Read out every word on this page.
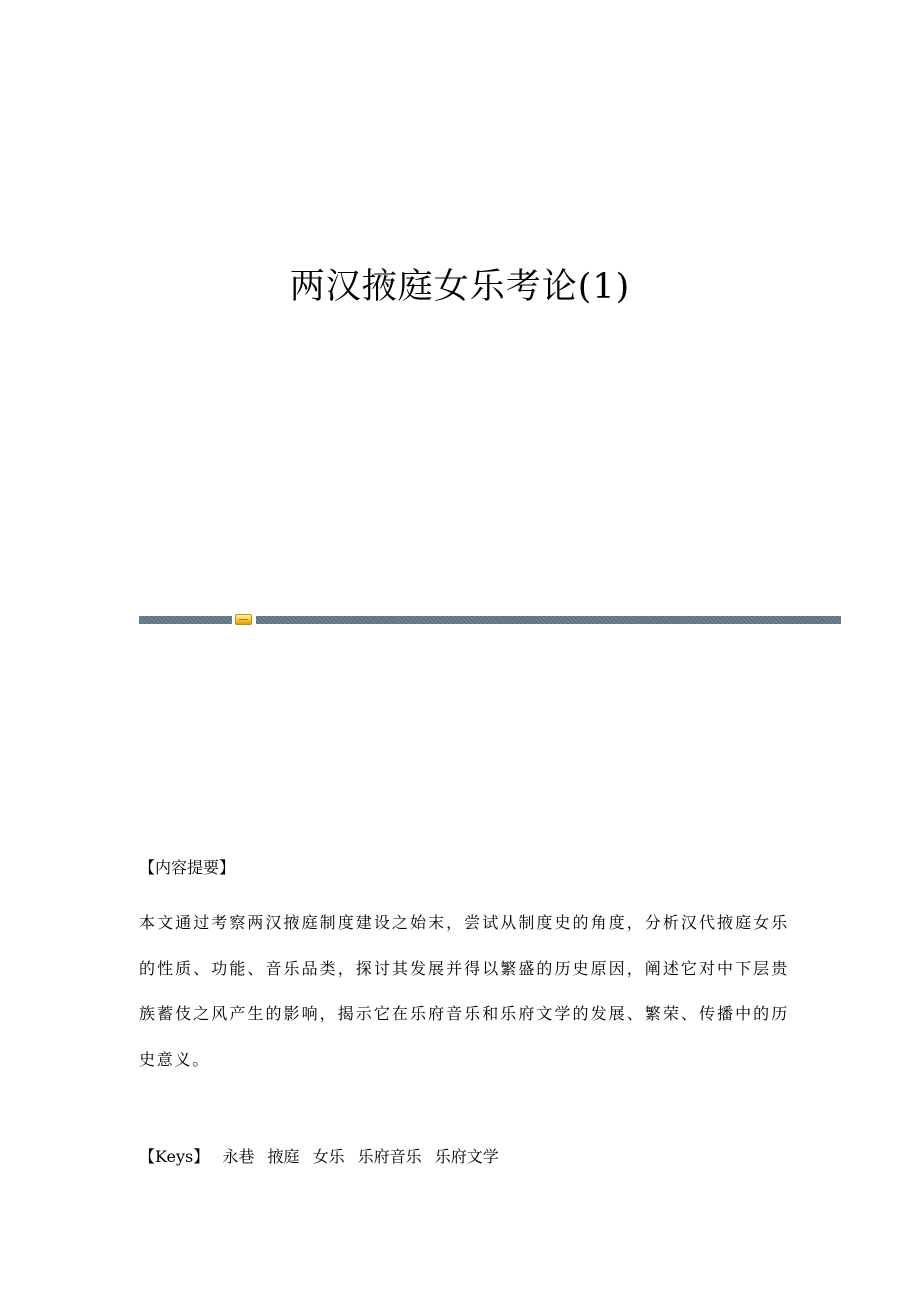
两汉掖庭女乐考论(1)
【内容提要】

本文通过考察两汉掖庭制度建设之始末，尝试从制度史的角度，分析汉代掖庭女乐的性质、功能、音乐品类，探讨其发展并得以繁盛的历史原因，阐述它对中下层贵族蓄伎之风产生的影响，揭示它在乐府音乐和乐府文学的发展、繁荣、传播中的历史意义。

【Keys】 永巷 掖庭 女乐 乐府音乐 乐府文学
